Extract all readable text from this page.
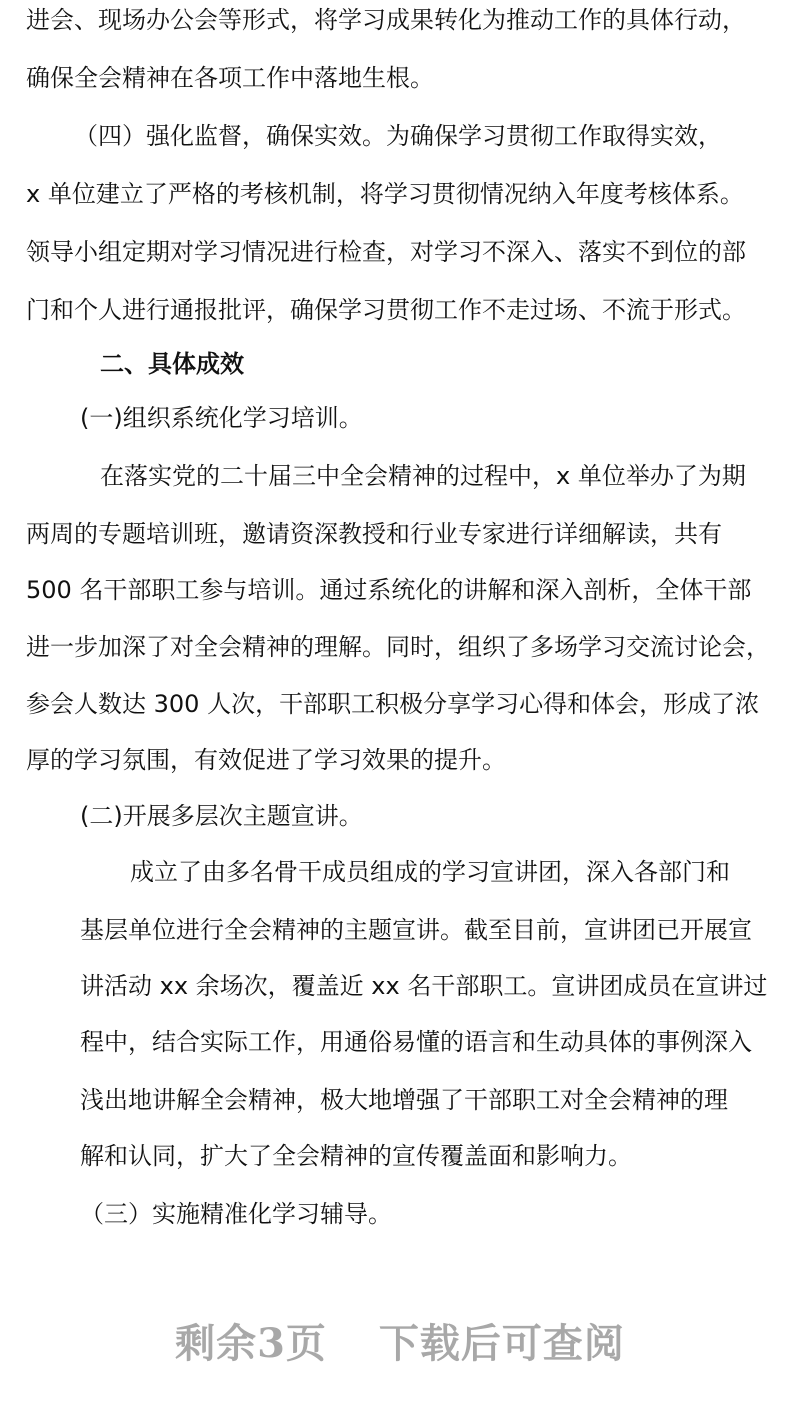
进会、现场办公会等形式，将学习成果转化为推动工作的具体行动，
确保全会精神在各项工作中落地生根。
（四）强化监督，确保实效。为确保学习贯彻工作取得实效，
x 单位建立了严格的考核机制，将学习贯彻情况纳入年度考核体系。
领导小组定期对学习情况进行检查，对学习不深入、落实不到位的部
门和个人进行通报批评，确保学习贯彻工作不走过场、不流于形式。
二、具体成效
(一)组织系统化学习培训。
在落实党的二十届三中全会精神的过程中，x 单位举办了为期
两周的专题培训班，邀请资深教授和行业专家进行详细解读，共有
500 名干部职工参与培训。通过系统化的讲解和深入剖析，全体干部
进一步加深了对全会精神的理解。同时，组织了多场学习交流讨论会，
参会人数达 300 人次，干部职工积极分享学习心得和体会，形成了浓
厚的学习氛围，有效促进了学习效果的提升。
(二)开展多层次主题宣讲。
成立了由多名骨干成员组成的学习宣讲团，深入各部门和
基层单位进行全会精神的主题宣讲。截至目前，宣讲团已开展宣
讲活动 xx 余场次，覆盖近 xx 名干部职工。宣讲团成员在宣讲过
程中，结合实际工作，用通俗易懂的语言和生动具体的事例深入
浅出地讲解全会精神，极大地增强了干部职工对全会精神的理
解和认同，扩大了全会精神的宣传覆盖面和影响力。
（三）实施精准化学习辅导。
剩余3页 下载后可查阅
